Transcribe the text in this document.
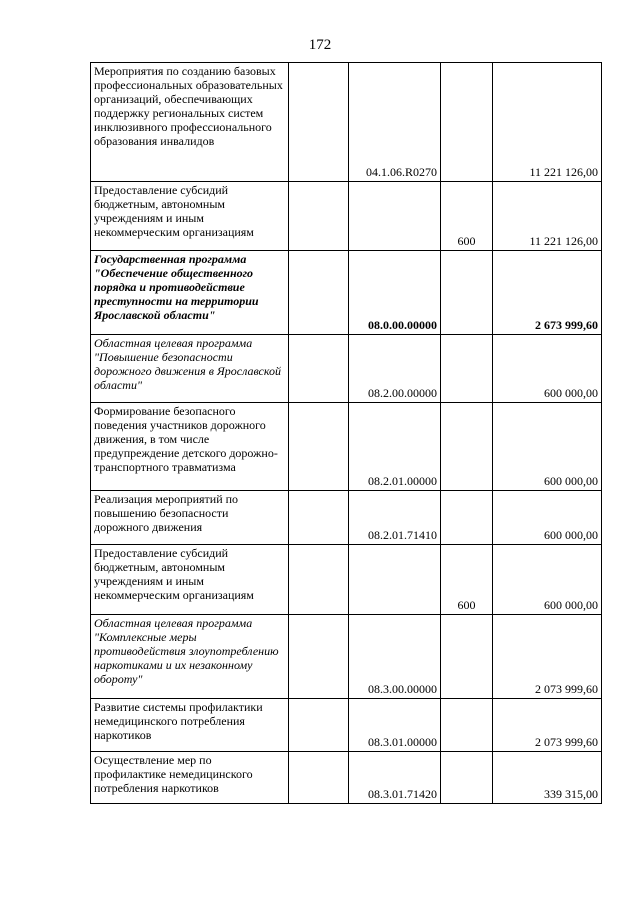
172
Мероприятия по созданию базовых профессиональных образовательных организаций, обеспечивающих поддержку региональных систем инклюзивного профессионального образования инвалидов		04.1.06.R0270		11 221 126,00
Предоставление субсидий бюджетным, автономным учреждениям и иным некоммерческим организациям			600	11 221 126,00
Государственная программа "Обеспечение общественного порядка и противодействие преступности на территории Ярославской области"		08.0.00.00000		2 673 999,60
Областная целевая программа "Повышение безопасности дорожного движения в Ярославской области"		08.2.00.00000		600 000,00
Формирование безопасного поведения участников дорожного движения, в том числе предупреждение детского дорожно-транспортного травматизма		08.2.01.00000		600 000,00
Реализация мероприятий по повышению безопасности дорожного движения		08.2.01.71410		600 000,00
Предоставление субсидий бюджетным, автономным учреждениям и иным некоммерческим организациям			600	600 000,00
Областная целевая программа "Комплексные меры противодействия злоупотреблению наркотиками и их незаконному обороту"		08.3.00.00000		2 073 999,60
Развитие системы профилактики немедицинского потребления наркотиков		08.3.01.00000		2 073 999,60
Осуществление мер по профилактике немедицинского потребления наркотиков		08.3.01.71420		339 315,00
